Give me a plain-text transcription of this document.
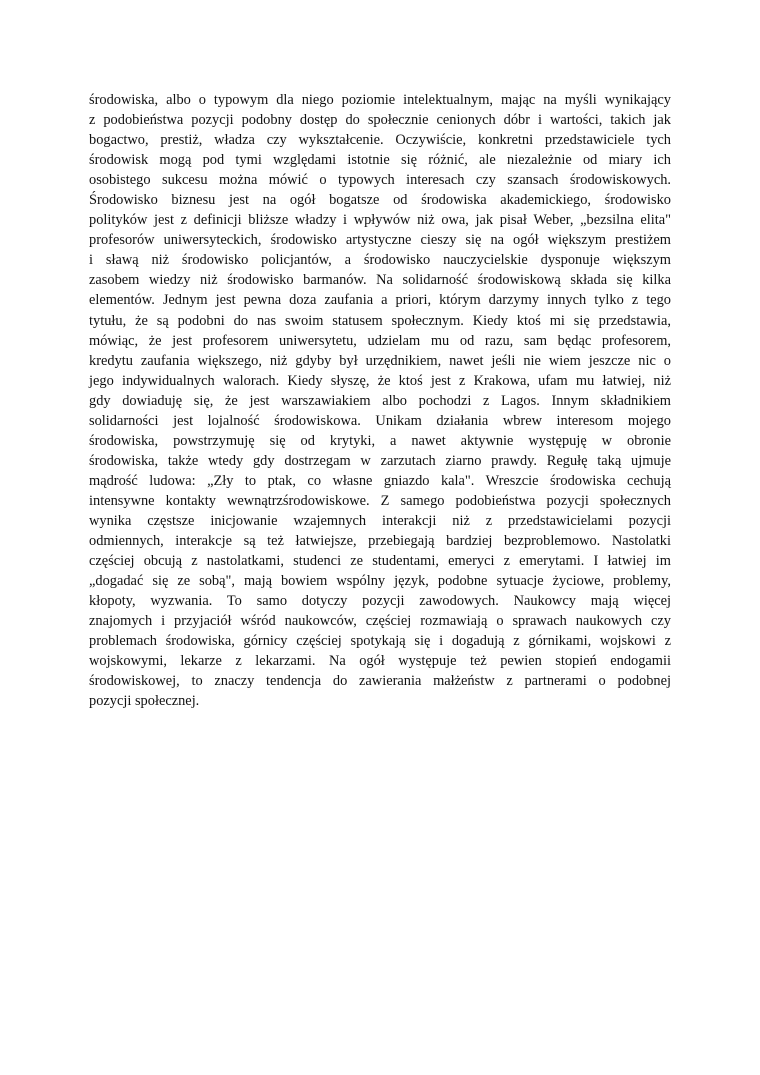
środowiska, albo o typowym dla niego poziomie intelektualnym, mając na myśli wynikający
z podobieństwa pozycji podobny dostęp do społecznie cenionych dóbr i wartości, takich jak
bogactwo, prestiż, władza czy wykształcenie. Oczywiście, konkretni przedstawiciele tych
środowisk mogą pod tymi względami istotnie się różnić, ale niezależnie od miary ich
osobistego sukcesu można mówić o typowych interesach czy szansach środowiskowych.
Środowisko biznesu jest na ogół bogatsze od środowiska akademickiego, środowisko
polityków jest z definicji bliższe władzy i wpływów niż owa, jak pisał Weber, „bezsilna elita"
profesorów uniwersyteckich, środowisko artystyczne cieszy się na ogół większym prestiżem
i sławą niż środowisko policjantów, a środowisko nauczycielskie dysponuje większym
zasobem wiedzy niż środowisko barmanów. Na solidarność środowiskową składa się kilka
elementów. Jednym jest pewna doza zaufania a priori, którym darzymy innych tylko z tego
tytułu, że są podobni do nas swoim statusem społecznym. Kiedy ktoś mi się przedstawia,
mówiąc, że jest profesorem uniwersytetu, udzielam mu od razu, sam będąc profesorem,
kredytu zaufania większego, niż gdyby był urzędnikiem, nawet jeśli nie wiem jeszcze nic o
jego indywidualnych walorach. Kiedy słyszę, że ktoś jest z Krakowa, ufam mu łatwiej, niż
gdy dowiaduję się, że jest warszawiakiem albo pochodzi z Lagos. Innym składnikiem
solidarności jest lojalność środowiskowa. Unikam działania wbrew interesom mojego
środowiska, powstrzymuję się od krytyki, a nawet aktywnie występuję w obronie
środowiska, także wtedy gdy dostrzegam w zarzutach ziarno prawdy. Regułę taką ujmuje
mądrość ludowa: „Zły to ptak, co własne gniazdo kala". Wreszcie środowiska cechują
intensywne kontakty wewnątrzśrodowiskowe. Z samego podobieństwa pozycji społecznych
wynika częstsze inicjowanie wzajemnych interakcji niż z przedstawicielami pozycji
odmiennych, interakcje są też łatwiejsze, przebiegają bardziej bezproblemowo. Nastolatki
częściej obcują z nastolatkami, studenci ze studentami, emeryci z emerytami. I łatwiej im
„dogadać się ze sobą", mają bowiem wspólny język, podobne sytuacje życiowe, problemy,
kłopoty, wyzwania. To samo dotyczy pozycji zawodowych. Naukowcy mają więcej
znajomych i przyjaciół wśród naukowców, częściej rozmawiają o sprawach naukowych czy
problemach środowiska, górnicy częściej spotykają się i dogadują z górnikami, wojskowi z
wojskowymi, lekarze z lekarzami. Na ogół występuje też pewien stopień endogamii
środowiskowej, to znaczy tendencja do zawierania małżeństw z partnerami o podobnej
pozycji społecznej.
